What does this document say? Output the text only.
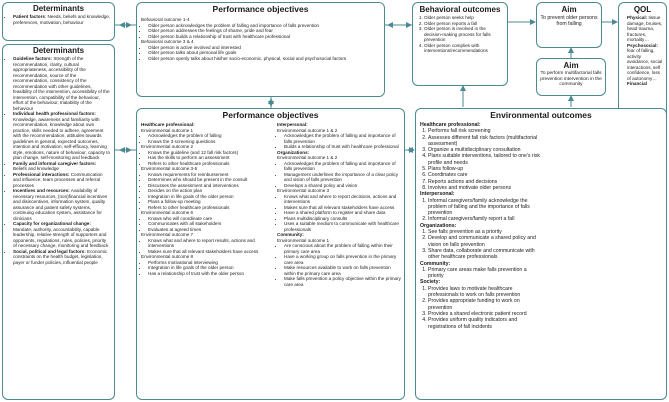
Determinants
• Patient factors: Needs, beliefs and knowledge, preferences, motivation, behaviour
Determinants
• Guideline factors: Strength of the recommendation, clarity, cultural appropriateness, accessibility of the recommendation, source of the recommendation, consistency of the recommendation with other guidelines, feasibility of the intervention, accessibility of the intervention, compatibility of the behaviour, effort of the behaviour, trialability of the behaviour
• Individual health professional factors: Knowledge, awareness and familiarity with recommendation, knowledge about own practice, skills needed to adhere, agreement with the recommendation, attitudes towards guidelines in general, expected outcomes, intention and motivation, self-efficacy, learning style, emotions, nature of behaviour, capacity to plan change, self-monitoring and feedback
• Family and informal caregiver factors: Beliefs and knowledge
• Professional interactions: Communication and influence, team processes and referral processes
• Incentives and resources: Availability of necessary resources, (non)financial incentives and disincentives, information system, quality assurance and patient safety systems, continuing education system, assistance for clinicians
• Capacity for organizational change: Mandate, authority, accountability, capable leadership, relative strength of supporters and opponents, regulations, rules, policies, priority of necessary change, monitoring and feedback
• Social, political and legal factors: Economic constraints on the health budget, legislation, payer or funder policies, influential people
Performance objectives

Behavioral outcome 1-4

• Older person acknowledges the problem of falling and importance of falls prevention
• Older person addresses the feelings of shame, pride and fear
• Older person builds a relationship of trust with healthcare professional

Behavioral outcome 3 & 4

• Older person is active involved and interested
• Older person talks about personal life goals
• Older person openly talks about his/her socio-economic, physical, social and psychosocial factors
Behavioral outcomes
1. Older person seeks help
2. Older person reports a fall
3. Older person is involved in the decision-making process for falls prevention
4. Older person complies with interventions/recommendations
Aim
To prevent older persons from falling
Aim
To perform multifactorial falls prevention intervention in the community
QOL
• Physical: tissue damage, bruises, head trauma, fractures, mortality…
• Psychosocial: fear of falling, activity avoidance, social interactions, self confidence, loss of autonomy…
• Financial
Performance objectives

Healthcare professional:

Environmental outcome 1

• Acknowledges the problem of falling
• Knows the 3 screening questions

Environmental outcome 2

• Knows the guideline (and 12 fall risk factors)
• Has the skills to perform an assessment
• Refers to other healthcare professionals

Environmental outcome 3-5

• Knows requirements for reimbursement
• Determines who should be present in the consult
• Discusses the assessment and interventions
• Decides on the action plan
• Integration in life goals of the older person
• Plans a follow-up meeting
• Refers to other healthcare professionals

Environmental outcome 6

• Knows who will coordinate care
• Communicates with all stakeholders
• Evaluates at agreed times

Environmental outcome 7

• Knows what and where to report results, actions and interventions
• Makes sure that all relevant stakeholders have access

Environmental outcome 8

• Performs motivational interviewing
• Integration in life goals of the older person
• Has a relationship of trust with the older person

Interpersonal:

Environmental outcome 1 & 2

• Acknowledges the problem of falling and importance of falls prevention
• Builds a relationship of trust with healthcare professional

Organizations:

Environmental outcome 1 & 2

• Acknowledges the problem of falling and importance of falls prevention
• Management underlines the importance of a clear policy and vision of falls prevention
• Develops a shared policy and vision

Environmental outcome 3

• Knows what and where to report decisions, actions and interventions
• Makes sure that all relevant stakeholders have access
• Have a shared platform to register and share data
• Plans multidisciplinary consults
• Uses a suitable medium to communicate with healthcare professionals

Community:

Environmental outcome 1

• Are conscious about the problem of falling within their primary care area
• Have a working group on falls prevention in the primary care area
• Make resources available to work on falls prevention within the primary care area
• Make falls prevention a policy objective within the primary care area
Environmental outcomes

Healthcare professional:

1. Performs fall risk screening
2. Assesses different fall risk factors (multifactorial assessment)
3. Organize a multidisciplinary consultation
4. Plans suitable interventions, tailored to one's risk profile and needs
5. Plans follow-up
6. Coordinates care
7. Reports actions and decisions
8. Involves and motivate older persons

Interpersonal:

1. Informal caregivers/family acknowledge the problem of falling and the importance of falls prevention
2. Informal caregivers/family report a fall

Organizations:

1. See falls prevention as a priority
2. Develop and communicate a shared policy and vision on falls prevention
3. Share data, collaborate and communicate with other healthcare professionals

Community:

1. Primary care areas make falls prevention a priority

Society:

1. Provides laws to motivate healthcare professionals to work on falls prevention
2. Provides appropriate funding to work on prevention
3. Provides a shared electronic patient record
4. Provides uniform quality indicators and registrations of fall incidents
